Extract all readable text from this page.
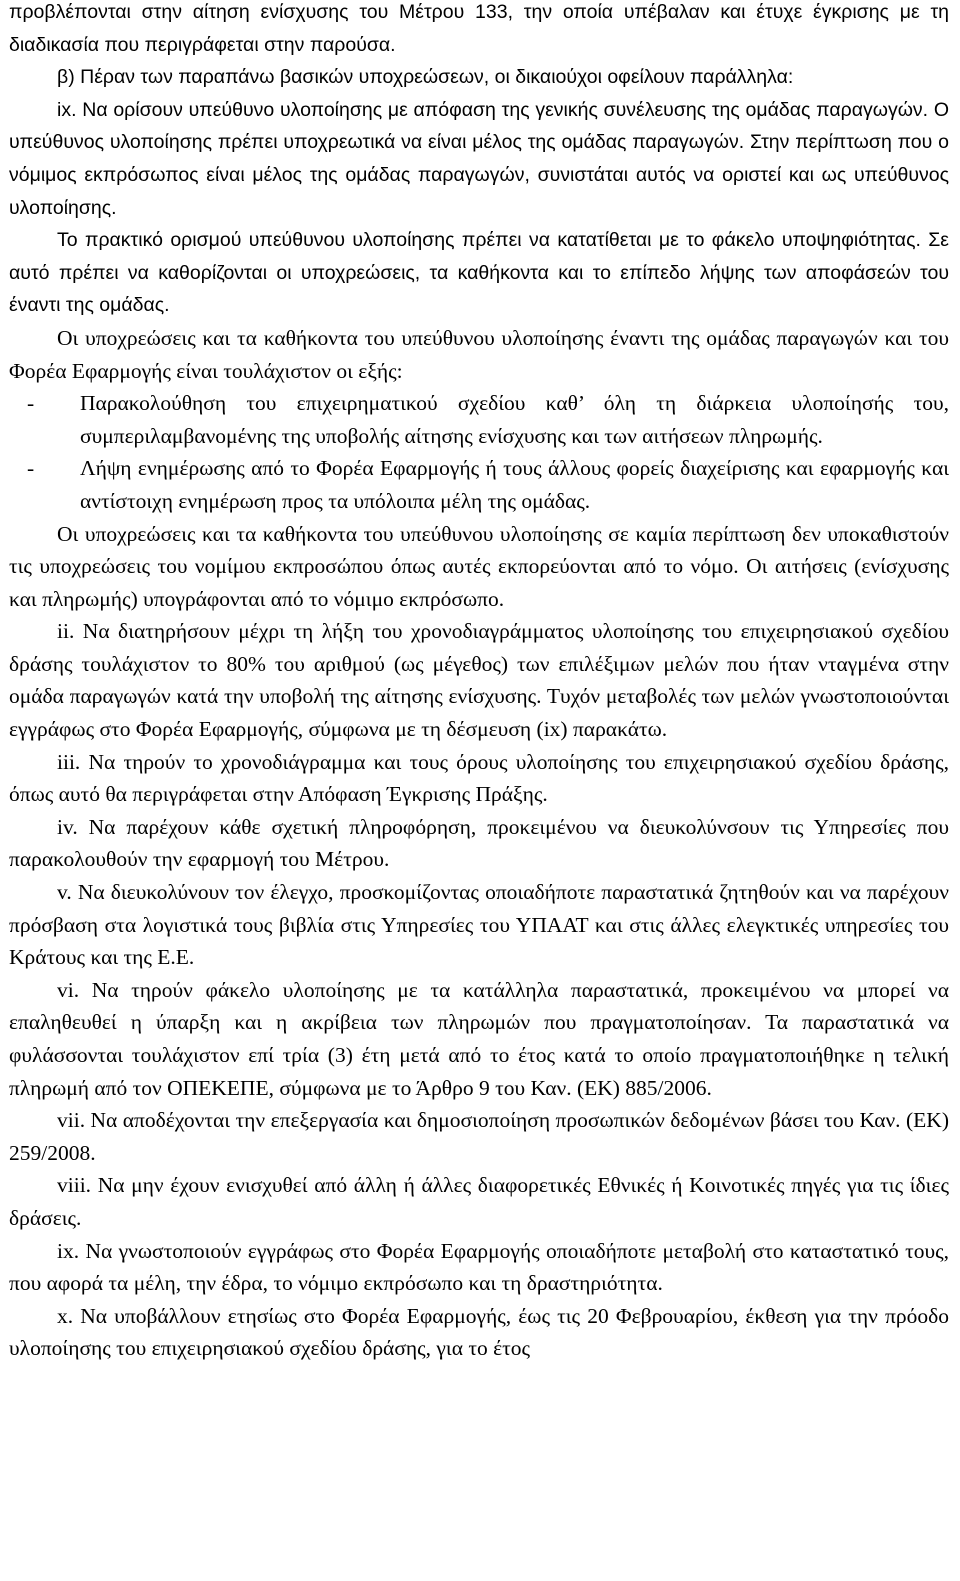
προβλέπονται στην αίτηση ενίσχυσης του Μέτρου 133, την οποία υπέβαλαν και έτυχε έγκρισης με τη διαδικασία που περιγράφεται στην παρούσα.

β) Πέραν των παραπάνω βασικών υποχρεώσεων, οι δικαιούχοι οφείλουν παράλληλα:

ix. Να ορίσουν υπεύθυνο υλοποίησης με απόφαση της γενικής συνέλευσης της ομάδας παραγωγών. Ο υπεύθυνος υλοποίησης πρέπει υποχρεωτικά να είναι μέλος της ομάδας παραγωγών. Στην περίπτωση που ο νόμιμος εκπρόσωπος είναι μέλος της ομάδας παραγωγών, συνιστάται αυτός να οριστεί και ως υπεύθυνος υλοποίησης.

Το πρακτικό ορισμού υπεύθυνου υλοποίησης πρέπει να κατατίθεται με το φάκελο υποψηφιότητας. Σε αυτό πρέπει να καθορίζονται οι υποχρεώσεις, τα καθήκοντα και το επίπεδο λήψης των αποφάσεών του έναντι της ομάδας.

Οι υποχρεώσεις και τα καθήκοντα του υπεύθυνου υλοποίησης έναντι της ομάδας παραγωγών και του Φορέα Εφαρμογής είναι τουλάχιστον οι εξής:

- Παρακολούθηση του επιχειρηματικού σχεδίου καθ’ όλη τη διάρκεια υλοποίησής του, συμπεριλαμβανομένης της υποβολής αίτησης ενίσχυσης και των αιτήσεων πληρωμής.

- Λήψη ενημέρωσης από το Φορέα Εφαρμογής ή τους άλλους φορείς διαχείρισης και εφαρμογής και αντίστοιχη ενημέρωση προς τα υπόλοιπα μέλη της ομάδας.

Οι υποχρεώσεις και τα καθήκοντα του υπεύθυνου υλοποίησης σε καμία περίπτωση δεν υποκαθιστούν τις υποχρεώσεις του νομίμου εκπροσώπου όπως αυτές εκπορεύονται από το νόμο. Οι αιτήσεις (ενίσχυσης και πληρωμής) υπογράφονται από το νόμιμο εκπρόσωπο.

ii. Να διατηρήσουν μέχρι τη λήξη του χρονοδιαγράμματος υλοποίησης του επιχειρησιακού σχεδίου δράσης τουλάχιστον το 80% του αριθμού (ως μέγεθος) των επιλέξιμων μελών που ήταν νταγμένα στην ομάδα παραγωγών κατά την υποβολή της αίτησης ενίσχυσης. Τυχόν μεταβολές των μελών γνωστοποιούνται εγγράφως στο Φορέα Εφαρμογής, σύμφωνα με τη δέσμευση (ix) παρακάτω.

iii. Να τηρούν το χρονοδιάγραμμα και τους όρους υλοποίησης του επιχειρησιακού σχεδίου δράσης, όπως αυτό θα περιγράφεται στην Απόφαση Έγκρισης Πράξης.

iv. Να παρέχουν κάθε σχετική πληροφόρηση, προκειμένου να διευκολύνσουν τις Υπηρεσίες που παρακολουθούν την εφαρμογή του Μέτρου.

v. Να διευκολύνουν τον έλεγχο, προσκομίζοντας οποιαδήποτε παραστατικά ζητηθούν και να παρέχουν πρόσβαση στα λογιστικά τους βιβλία στις Υπηρεσίες του ΥΠΑΑΤ και στις άλλες ελεγκτικές υπηρεσίες του Κράτους και της Ε.Ε.

vi. Να τηρούν φάκελο υλοποίησης με τα κατάλληλα παραστατικά, προκειμένου να μπορεί να επαληθευθεί η ύπαρξη και η ακρίβεια των πληρωμών που πραγματοποίησαν. Τα παραστατικά να φυλάσσονται τουλάχιστον επί τρία (3) έτη μετά από το έτος κατά το οποίο πραγματοποιήθηκε η τελική πληρωμή από τον ΟΠΕΚΕΠΕ, σύμφωνα με το Άρθρο 9 του Καν. (ΕΚ) 885/2006.

vii. Να αποδέχονται την επεξεργασία και δημοσιοποίηση προσωπικών δεδομένων βάσει του Καν. (ΕΚ) 259/2008.

viii. Να μην έχουν ενισχυθεί από άλλη ή άλλες διαφορετικές Εθνικές ή Κοινοτικές πηγές για τις ίδιες δράσεις.

ix. Να γνωστοποιούν εγγράφως στο Φορέα Εφαρμογής οποιαδήποτε μεταβολή στο καταστατικό τους, που αφορά τα μέλη, την έδρα, το νόμιμο εκπρόσωπο και τη δραστηριότητα.

x. Να υποβάλλουν ετησίως στο Φορέα Εφαρμογής, έως τις 20 Φεβρουαρίου, έκθεση για την πρόοδο υλοποίησης του επιχειρησιακού σχεδίου δράσης, για το έτος
